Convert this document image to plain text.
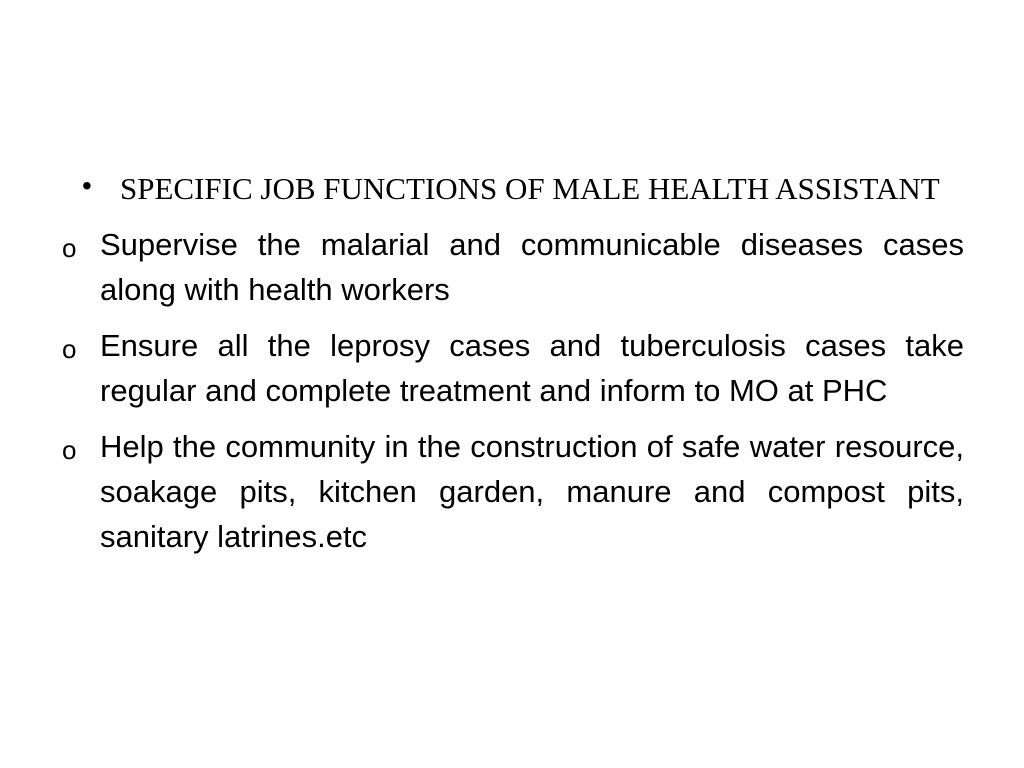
• SPECIFIC JOB FUNCTIONS OF MALE HEALTH ASSISTANT
o Supervise the malarial and communicable diseases cases along with health workers
o Ensure all the leprosy cases and tuberculosis cases take regular and complete treatment and inform to MO at PHC
o Help the community in the construction of safe water resource, soakage pits, kitchen garden, manure and compost pits, sanitary latrines.etc
